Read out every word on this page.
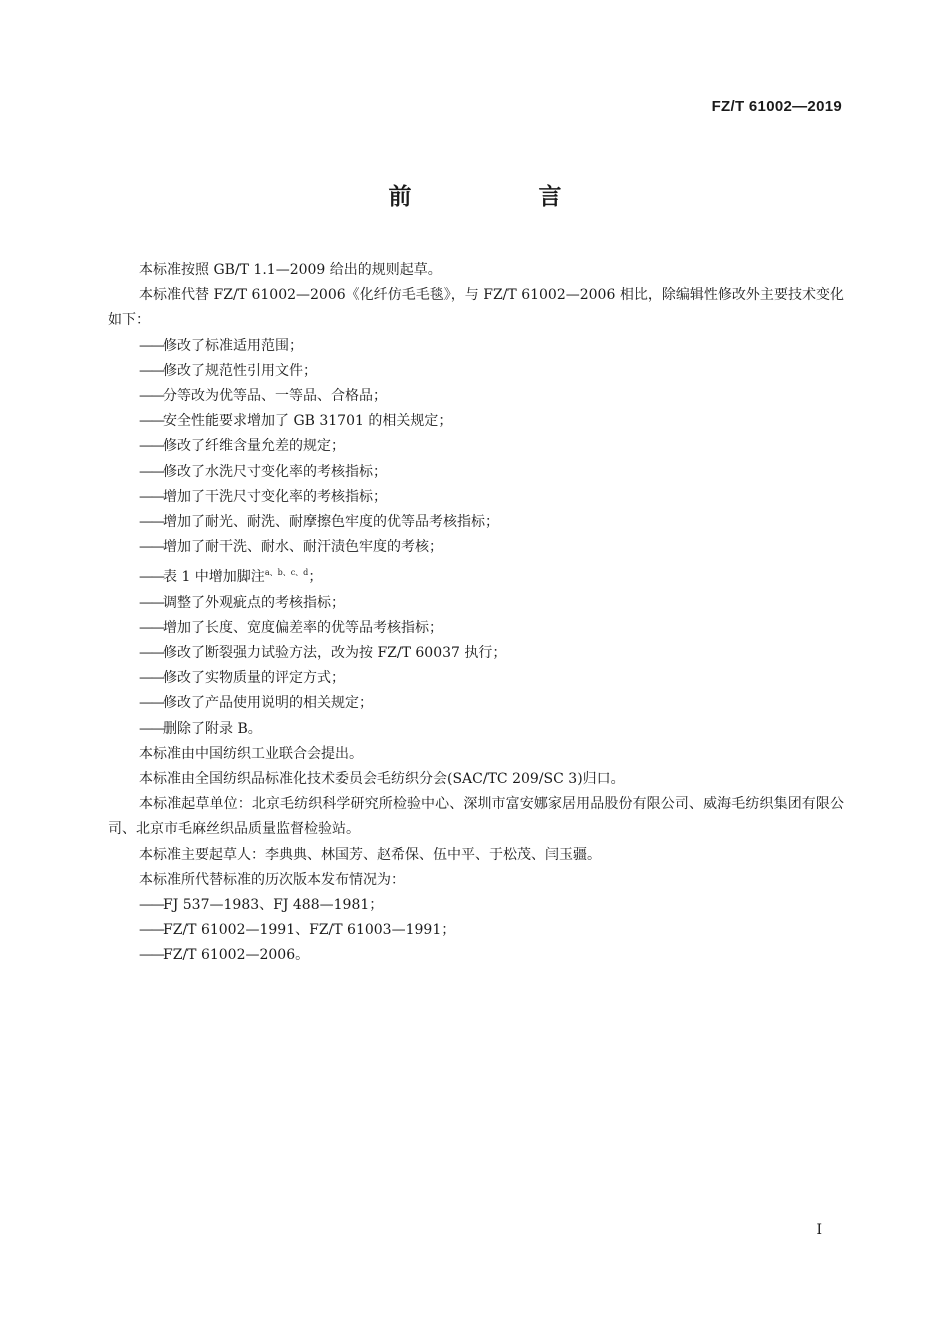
FZ/T 61002—2019
前　言

本标准按照 GB/T 1.1—2009 给出的规则起草。

本标准代替 FZ/T 61002—2006《化纤仿毛毛毯》，与 FZ/T 61002—2006 相比，除编辑性修改外主要技术变化如下：

——修改了标准适用范围；
——修改了规范性引用文件；
——分等改为优等品、一等品、合格品；
——安全性能要求增加了 GB 31701 的相关规定；
——修改了纤维含量允差的规定；
——修改了水洗尺寸变化率的考核指标；
——增加了干洗尺寸变化率的考核指标；
——增加了耐光、耐洗、耐摩擦色牢度的优等品考核指标；
——增加了耐干洗、耐水、耐汗渍色牢度的考核；
——表 1 中增加脚注$^{a、b、c、d}$；
——调整了外观疵点的考核指标；
——增加了长度、宽度偏差率的优等品考核指标；
——修改了断裂强力试验方法，改为按 FZ/T 60037 执行；
——修改了实物质量的评定方式；
——修改了产品使用说明的相关规定；
——删除了附录 B。

本标准由中国纺织工业联合会提出。

本标准由全国纺织品标准化技术委员会毛纺织分会(SAC/TC 209/SC 3)归口。

本标准起草单位：北京毛纺织科学研究所检验中心、深圳市富安娜家居用品股份有限公司、威海毛纺织集团有限公司、北京市毛麻丝织品质量监督检验站。

本标准主要起草人：李典典、林国芳、赵希保、伍中平、于松茂、闫玉疆。

本标准所代替标准的历次版本发布情况为：

——FJ 537—1983、FJ 488—1981；
——FZ/T 61002—1991、FZ/T 61003—1991；
——FZ/T 61002—2006。
I
